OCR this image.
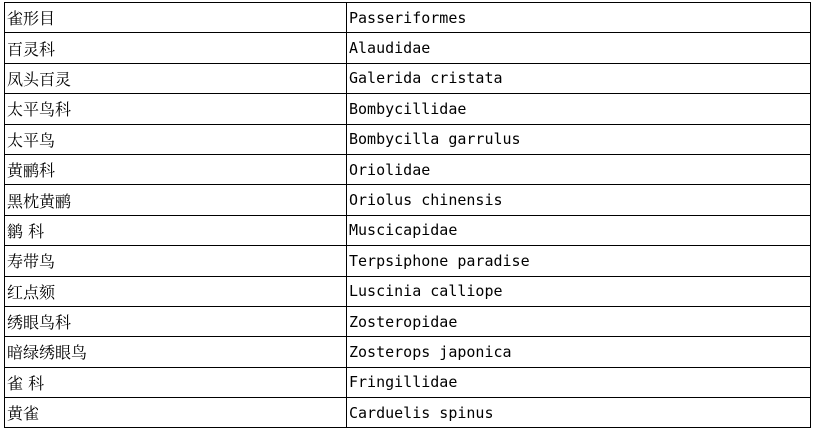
雀形目	Passeriformes
百灵科	Alaudidae
凤头百灵	Galerida cristata
太平鸟科	Bombycillidae
太平鸟	Bombycilla garrulus
黄鹂科	Oriolidae
黑枕黄鹂	Oriolus chinensis
鹟 科	Muscicapidae
寿带鸟	Terpsiphone paradise
红点颏	Luscinia calliope
绣眼鸟科	Zosteropidae
暗绿绣眼鸟	Zosterops japonica
雀 科	Fringillidae
黄雀	Carduelis spinus
